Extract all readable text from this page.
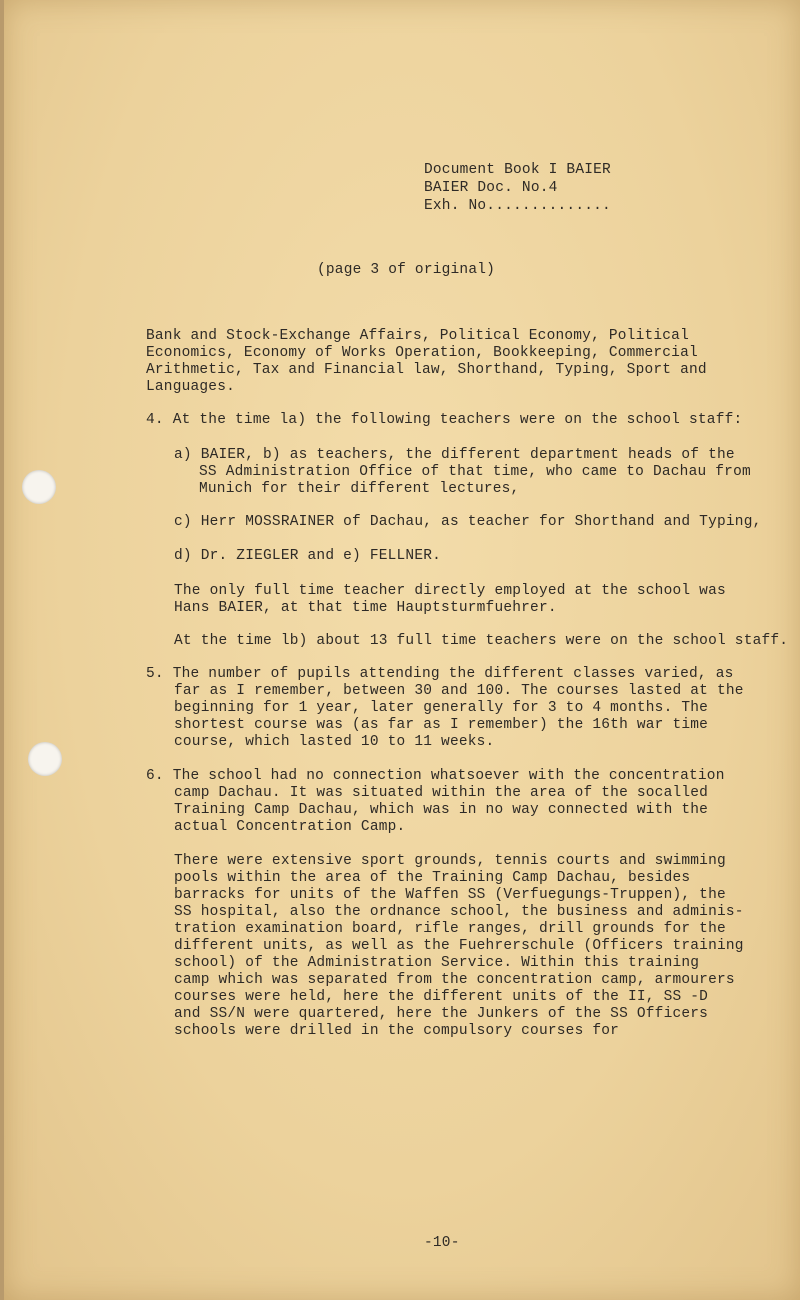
Document Book I BAIER
BAIER Doc. No.4
Exh. No..............
(page 3 of original)
Bank and Stock-Exchange Affairs, Political Economy, Political
Economics, Economy of Works Operation, Bookkeeping, Commercial
Arithmetic, Tax and Financial law, Shorthand, Typing, Sport and
Languages.
4. At the time la) the following teachers were on the school staff:
a) BAIER, b) as teachers, the different department heads of the
SS Administration Office of that time, who came to Dachau from
Munich for their different lectures,
c) Herr MOSSRAINER of Dachau, as teacher for Shorthand and Typing,
d) Dr. ZIEGLER and e) FELLNER.
The only full time teacher directly employed at the school was
Hans BAIER, at that time Hauptsturmfuehrer.
At the time lb) about 13 full time teachers were on the school staff.
5. The number of pupils attending the different classes varied, as
far as I remember, between 30 and 100. The courses lasted at the
beginning for 1 year, later generally for 3 to 4 months. The
shortest course was (as far as I remember) the 16th war time
course, which lasted 10 to 11 weeks.
6. The school had no connection whatsoever with the concentration
camp Dachau. It was situated within the area of the socalled
Training Camp Dachau, which was in no way connected with the
actual Concentration Camp.
There were extensive sport grounds, tennis courts and swimming
pools within the area of the Training Camp Dachau, besides
barracks for units of the Waffen SS (Verfuegungs-Truppen), the
SS hospital, also the ordnance school, the business and adminis-
tration examination board, rifle ranges, drill grounds for the
different units, as well as the Fuehrerschule (Officers training
school) of the Administration Service. Within this training
camp which was separated from the concentration camp, armourers
courses were held, here the different units of the II, SS -D
and SS/N were quartered, here the Junkers of the SS Officers
schools were drilled in the compulsory courses for
-10-
